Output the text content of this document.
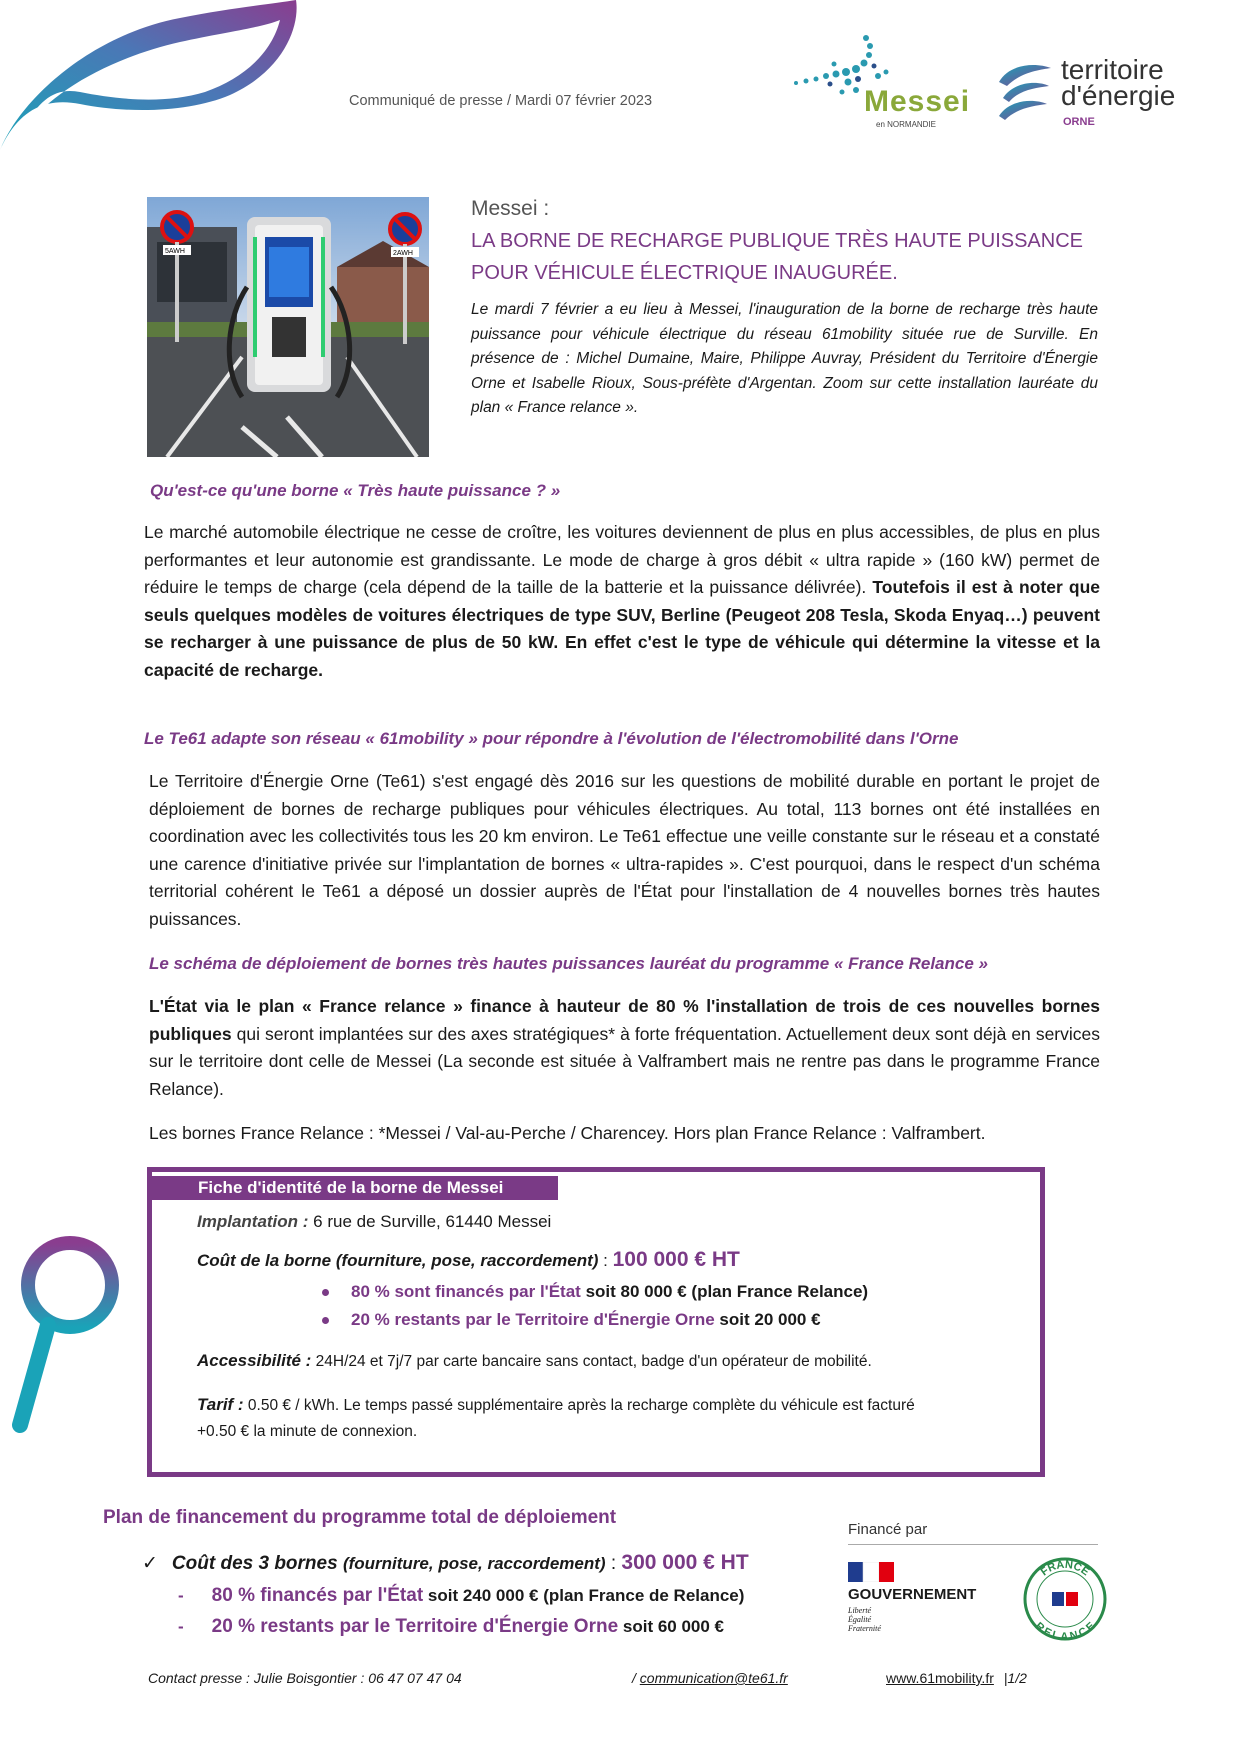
Communiqué de presse / Mardi 07 février 2023	Messei
en NORMANDIE
territoire
d'énergie
ORNE
5AWH	2AWH
Messei :
LA BORNE DE RECHARGE PUBLIQUE TRÈS HAUTE PUISSANCE
POUR VÉHICULE ÉLECTRIQUE INAUGURÉE.
Le mardi 7 février a eu lieu à Messei, l'inauguration de la borne de recharge très haute puissance pour véhicule électrique du réseau 61mobility située rue de Surville. En présence de : Michel Dumaine, Maire, Philippe Auvray, Président du Territoire d'Énergie Orne et Isabelle Rioux, Sous-préfète d'Argentan. Zoom sur cette installation lauréate du plan « France relance ».
Qu'est-ce qu'une borne « Très haute puissance ? »
Le marché automobile électrique ne cesse de croître, les voitures deviennent de plus en plus accessibles, de plus en plus performantes et leur autonomie est grandissante. Le mode de charge à gros débit « ultra rapide » (160 kW) permet de réduire le temps de charge (cela dépend de la taille de la batterie et la puissance délivrée). Toutefois il est à noter que seuls quelques modèles de voitures électriques de type SUV, Berline (Peugeot 208 Tesla, Skoda Enyaq…) peuvent se recharger à une puissance de plus de 50 kW. En effet c'est le type de véhicule qui détermine la vitesse et la capacité de recharge.
Le Te61 adapte son réseau « 61mobility » pour répondre à l'évolution de l'électromobilité dans l'Orne
Le Territoire d'Énergie Orne (Te61) s'est engagé dès 2016 sur les questions de mobilité durable en portant le projet de déploiement de bornes de recharge publiques pour véhicules électriques. Au total, 113 bornes ont été installées en coordination avec les collectivités tous les 20 km environ. Le Te61 effectue une veille constante sur le réseau et a constaté une carence d'initiative privée sur l'implantation de bornes « ultra-rapides ». C'est pourquoi, dans le respect d'un schéma territorial cohérent le Te61 a déposé un dossier auprès de l'État pour l'installation de 4 nouvelles bornes très hautes puissances.
Le schéma de déploiement de bornes très hautes puissances lauréat du programme « France Relance »
L'État via le plan « France relance » finance à hauteur de 80 % l'installation de trois de ces nouvelles bornes publiques qui seront implantées sur des axes stratégiques* à forte fréquentation. Actuellement deux sont déjà en services sur le territoire dont celle de Messei (La seconde est située à Valframbert mais ne rentre pas dans le programme France Relance).
Les bornes France Relance : *Messei / Val-au-Perche / Charencey. Hors plan France Relance : Valframbert.
Fiche d'identité de la borne de Messei
Implantation : 6 rue de Surville, 61440 Messei
Coût de la borne (fourniture, pose, raccordement) : 100 000 € HT
80 % sont financés par l'État soit 80 000 € (plan France Relance)
20 % restants par le Territoire d'Énergie Orne soit 20 000 €
Accessibilité : 24H/24 et 7j/7 par carte bancaire sans contact, badge d'un opérateur de mobilité.
Tarif : 0.50 € / kWh. Le temps passé supplémentaire après la recharge complète du véhicule est facturé
+0.50 € la minute de connexion.
Plan de financement du programme total de déploiement
✓ Coût des 3 bornes (fourniture, pose, raccordement) : 300 000 € HT
- 80 % financés par l'État soit 240 000 € (plan France de Relance)
- 20 % restants par le Territoire d'Énergie Orne soit 60 000 €
Financé par
GOUVERNEMENT
Liberté
Égalité
Fraternité
FRANCE
RELANCE
Contact presse : Julie Boisgontier : 06 47 07 47 04	/ communication@te61.fr	www.61mobility.fr |1/2
